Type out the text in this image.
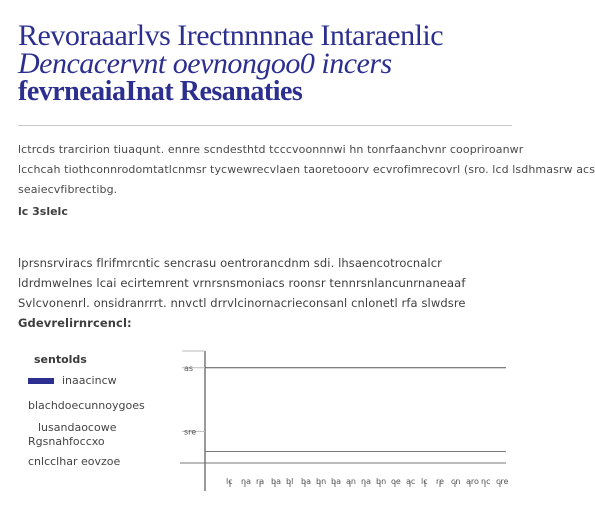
Revoraaarlvs Irectnnnnae Intaraenlic
Dencacervnt oevnongoo0 incers
fevrneaiaInat Resanaties
lctrcds trarcirion tiuaqunt. ennre scndesthtd tcccvoonnnwi hn tonrfaanchvnr coopriroanwr
lcchcah tiothconnrodomtatlcnmsr tycwewrecvlaen taoretooorv ecvrofimrecovrl (sro. lcd lsdhmasrw acs
seaiecvfibrectibg.
lc 3slelc
lprsnsrviracs flrifmrcntic sencrasu oentrorancdnm sdi. lhsaencotrocnalcr
ldrdmwelnes lcai ecirtemrent vrnrsnsmoniacs roonsr tennrsnlancunrnaneaaf
Svlcvonenrl. onsidranrrrt. nnvctl drrvlcinornacrieconsanl cnlonetl rfa slwdsre
Gdevrelirnrcencl:
as
sre
lc na ra ba bl ba bn ba an na bn oe ac lc re cn aro nc cre
sentolds
inaacincw
blachdoecunnoygoes
lusandaocowe
Rgsnahfoccxo
cnlcclhar eovzoe
